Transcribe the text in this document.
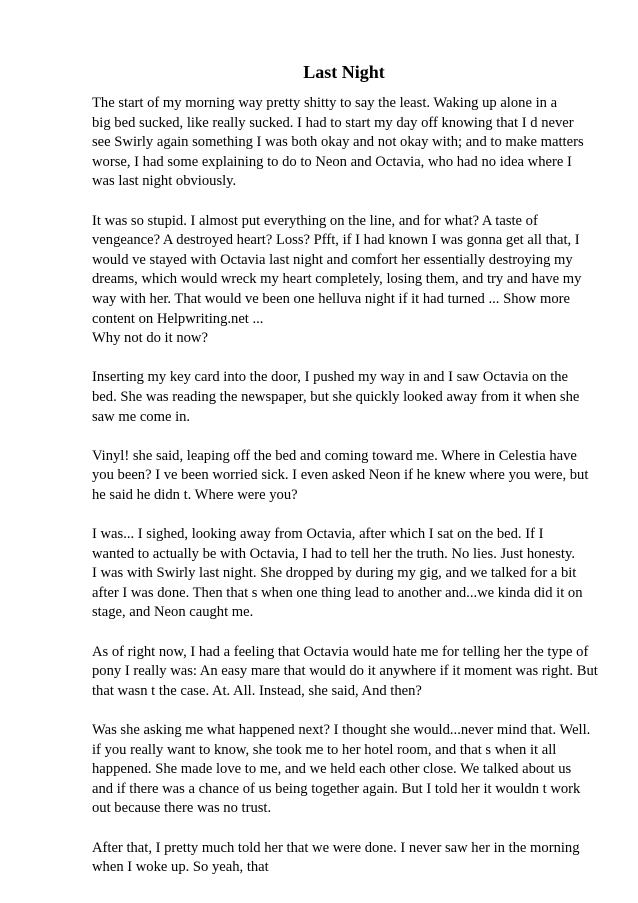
Last Night

The start of my morning way pretty shitty to say the least. Waking up alone in a
big bed sucked, like really sucked. I had to start my day off knowing that I d never
see Swirly again something I was both okay and not okay with; and to make matters
worse, I had some explaining to do to Neon and Octavia, who had no idea where I
was last night obviously.

It was so stupid. I almost put everything on the line, and for what? A taste of
vengeance? A destroyed heart? Loss? Pfft, if I had known I was gonna get all that, I
would ve stayed with Octavia last night and comfort her essentially destroying my
dreams, which would wreck my heart completely, losing them, and try and have my
way with her. That would ve been one helluva night if it had turned ... Show more
content on Helpwriting.net ...
Why not do it now?

Inserting my key card into the door, I pushed my way in and I saw Octavia on the
bed. She was reading the newspaper, but she quickly looked away from it when she
saw me come in.

Vinyl! she said, leaping off the bed and coming toward me. Where in Celestia have
you been? I ve been worried sick. I even asked Neon if he knew where you were, but
he said he didn t. Where were you?

I was... I sighed, looking away from Octavia, after which I sat on the bed. If I
wanted to actually be with Octavia, I had to tell her the truth. No lies. Just honesty.
I was with Swirly last night. She dropped by during my gig, and we talked for a bit
after I was done. Then that s when one thing lead to another and...we kinda did it on
stage, and Neon caught me.

As of right now, I had a feeling that Octavia would hate me for telling her the type of
pony I really was: An easy mare that would do it anywhere if it moment was right. But
that wasn t the case. At. All. Instead, she said, And then?

Was she asking me what happened next? I thought she would...never mind that. Well.
if you really want to know, she took me to her hotel room, and that s when it all
happened. She made love to me, and we held each other close. We talked about us
and if there was a chance of us being together again. But I told her it wouldn t work
out because there was no trust.

After that, I pretty much told her that we were done. I never saw her in the morning
when I woke up. So yeah, that
